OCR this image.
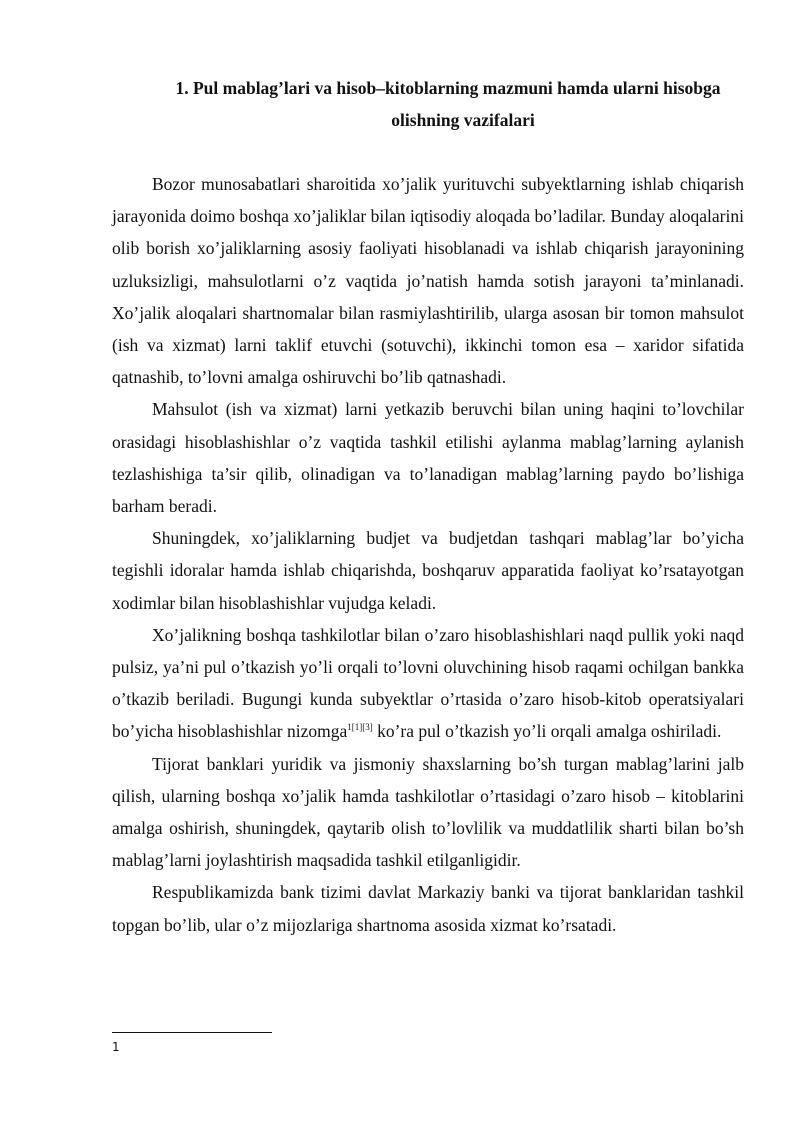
1. Pul mablag’lari va hisob–kitoblarning mazmuni hamda ularni hisobga
olishning vazifalari

Bozor munosabatlari sharoitida xo’jalik yurituvchi subyektlarning ishlab chiqarish jarayonida doimo boshqa xo’jaliklar bilan iqtisodiy aloqada bo’ladilar. Bunday aloqalarini olib borish xo’jaliklarning asosiy faoliyati hisoblanadi va ishlab chiqarish jarayonining uzluksizligi, mahsulotlarni o’z vaqtida jo’natish hamda sotish jarayoni ta’minlanadi. Xo’jalik aloqalari shartnomalar bilan rasmiylashtirilib, ularga asosan bir tomon mahsulot (ish va xizmat) larni taklif etuvchi (sotuvchi), ikkinchi tomon esa – xaridor sifatida qatnashib, to’lovni amalga oshiruvchi bo’lib qatnashadi.

Mahsulot (ish va xizmat) larni yetkazib beruvchi bilan uning haqini to’lovchilar orasidagi hisoblashishlar o’z vaqtida tashkil etilishi aylanma mablag’larning aylanish tezlashishiga ta’sir qilib, olinadigan va to’lanadigan mablag’larning paydo bo’lishiga barham beradi.

Shuningdek, xo’jaliklarning budjet va budjetdan tashqari mablag’lar bo’yicha tegishli idoralar hamda ishlab chiqarishda, boshqaruv apparatida faoliyat ko’rsatayotgan xodimlar bilan hisoblashishlar vujudga keladi.

Xo’jalikning boshqa tashkilotlar bilan o’zaro hisoblashishlari naqd pullik yoki naqd pulsiz, ya’ni pul o’tkazish yo’li orqali to’lovni oluvchining hisob raqami ochilgan bankka o’tkazib beriladi. Bugungi kunda subyektlar o’rtasida o’zaro hisob-kitob operatsiyalari bo’yicha hisoblashishlar nizomga$^{1[1][3]}$ ko’ra pul o’tkazish yo’li orqali amalga oshiriladi.

Tijorat banklari yuridik va jismoniy shaxslarning bo’sh turgan mablag’larini jalb qilish, ularning boshqa xo’jalik hamda tashkilotlar o’rtasidagi o’zaro hisob – kitoblarini amalga oshirish, shuningdek, qaytarib olish to’lovlilik va muddatlilik sharti bilan bo’sh mablag’larni joylashtirish maqsadida tashkil etilganligidir.

Respublikamizda bank tizimi davlat Markaziy banki va tijorat banklaridan tashkil topgan bo’lib, ular o’z mijozlariga shartnoma asosida xizmat ko’rsatadi.

1
